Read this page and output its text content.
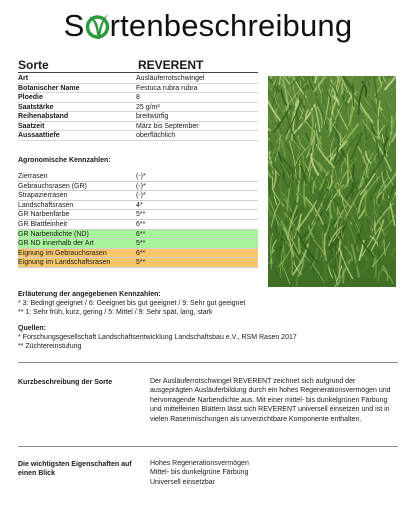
S rtenbeschreibung
Sorte	REVERENT
Art	Ausläuferrotschwingel
Botanischer Name	Festuca rubra rubra
Ploedie	8
Saatstärke	25 g/m²
Reihenabstand	breitwürfig
Saatzeit	März bis September
Aussaattiefe	oberflächlich
Agronomische Kennzahlen:
Zierrasen	(-)*
Gebrauchsrasen (GR)	(-)*
Strapazierrasen	(-)*
Landschaftsrasen	4*
GR Narbenfarbe	5**
GR Blattfeinheit	6**
GR Narbendichte (ND)	6**
GR ND innerhalb der Art	5**
Eignung im Gebrauchsrasen	6**
Eignung im Landschaftsrasen	5**
Erläuterung der angegebenen Kennzahlen:
* 3: Bedingt geeignet / 6: Geeignet bis gut geeignet / 9: Sehr gut geeignet
** 1: Sehr früh, kurz, gering / 5: Mittel / 9: Sehr spät, lang, stark
Quellen:
* Forschungsgesellschaft Landschaftsentwicklung Landschaftsbau e.V., RSM Rasen 2017
** Züchtereinstufung
Kurzbeschreibung der Sorte	Der Ausläuferrotschwingel REVERENT zeichnet sich aufgrund der ausgeprägten Ausläuferbildung durch ein hohes Regenerationsvermögen und hervorragende Narbendichte aus. Mit einer mittel- bis dunkelgrünen Färbung und mittelfeinen Blättern lässt sich REVERENT universell einsetzen und ist in vielen Rasenmischungen als unverzichtbare Komponente enthalten.
Die wichtigsten Eigenschaften auf einen Blick
Hohes Regenerationsvermögen
Mittel- bis dunkelgrüne Färbung
Universell einsetzbar
